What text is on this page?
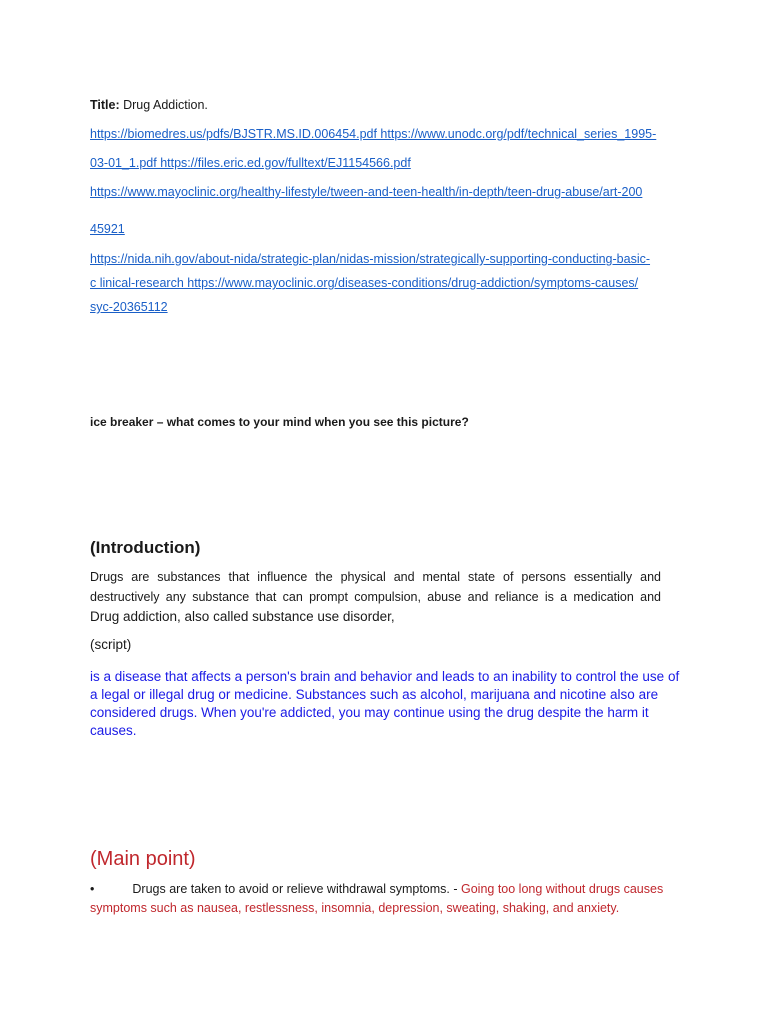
Title: Drug Addiction.
https://biomedres.us/pdfs/BJSTR.MS.ID.006454.pdf https://www.unodc.org/pdf/technical_series_1995-
03-01_1.pdf https://files.eric.ed.gov/fulltext/EJ1154566.pdf
https://www.mayoclinic.org/healthy-lifestyle/tween-and-teen-health/in-depth/teen-drug-abuse/art-200
45921
https://nida.nih.gov/about-nida/strategic-plan/nidas-mission/strategically-supporting-conducting-basic-
c linical-research https://www.mayoclinic.org/diseases-conditions/drug-addiction/symptoms-causes/
syc-20365112
ice breaker – what comes to your mind when you see this picture?
(Introduction)
Drugs are substances that influence the physical and mental state of persons essentially and
destructively any substance that can prompt compulsion, abuse and reliance is a medication and
Drug addiction, also called substance use disorder,
(script)
is a disease that affects a person's brain and behavior and leads to an inability to control the use of a legal or illegal drug or medicine. Substances such as alcohol, marijuana and nicotine also are considered drugs. When you're addicted, you may continue using the drug despite the harm it causes.
(Main point)
•	Drugs are taken to avoid or relieve withdrawal symptoms. - Going too long without drugs causes symptoms such as nausea, restlessness, insomnia, depression, sweating, shaking, and anxiety.
